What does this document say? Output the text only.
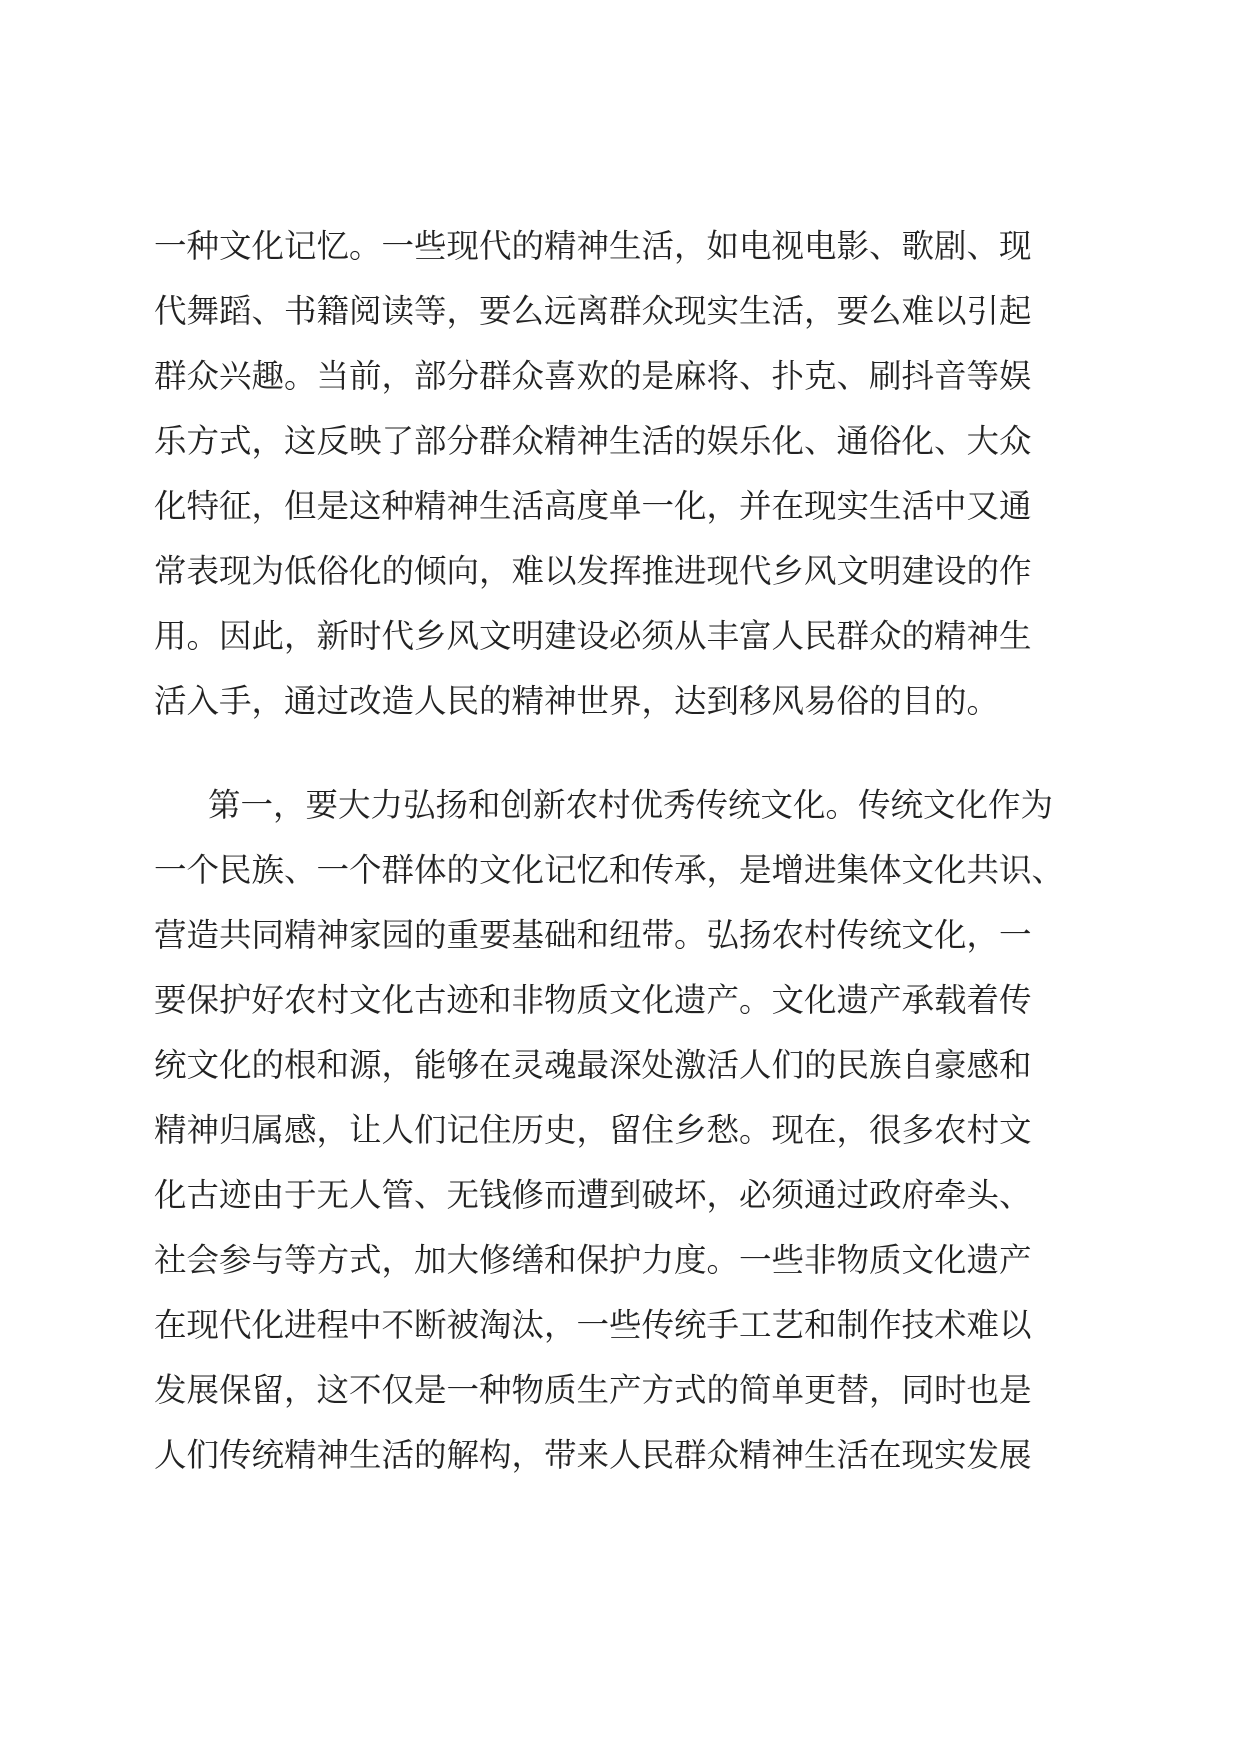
一种文化记忆。一些现代的精神生活，如电视电影、歌剧、现
代舞蹈、书籍阅读等，要么远离群众现实生活，要么难以引起
群众兴趣。当前，部分群众喜欢的是麻将、扑克、刷抖音等娱
乐方式，这反映了部分群众精神生活的娱乐化、通俗化、大众
化特征，但是这种精神生活高度单一化，并在现实生活中又通
常表现为低俗化的倾向，难以发挥推进现代乡风文明建设的作
用。因此，新时代乡风文明建设必须从丰富人民群众的精神生
活入手，通过改造人民的精神世界，达到移风易俗的目的。
第一，要大力弘扬和创新农村优秀传统文化。传统文化作为
一个民族、一个群体的文化记忆和传承，是增进集体文化共识、
营造共同精神家园的重要基础和纽带。弘扬农村传统文化，一
要保护好农村文化古迹和非物质文化遗产。文化遗产承载着传
统文化的根和源，能够在灵魂最深处激活人们的民族自豪感和
精神归属感，让人们记住历史，留住乡愁。现在，很多农村文
化古迹由于无人管、无钱修而遭到破坏，必须通过政府牵头、
社会参与等方式，加大修缮和保护力度。一些非物质文化遗产
在现代化进程中不断被淘汰，一些传统手工艺和制作技术难以
发展保留，这不仅是一种物质生产方式的简单更替，同时也是
人们传统精神生活的解构，带来人民群众精神生活在现实发展
